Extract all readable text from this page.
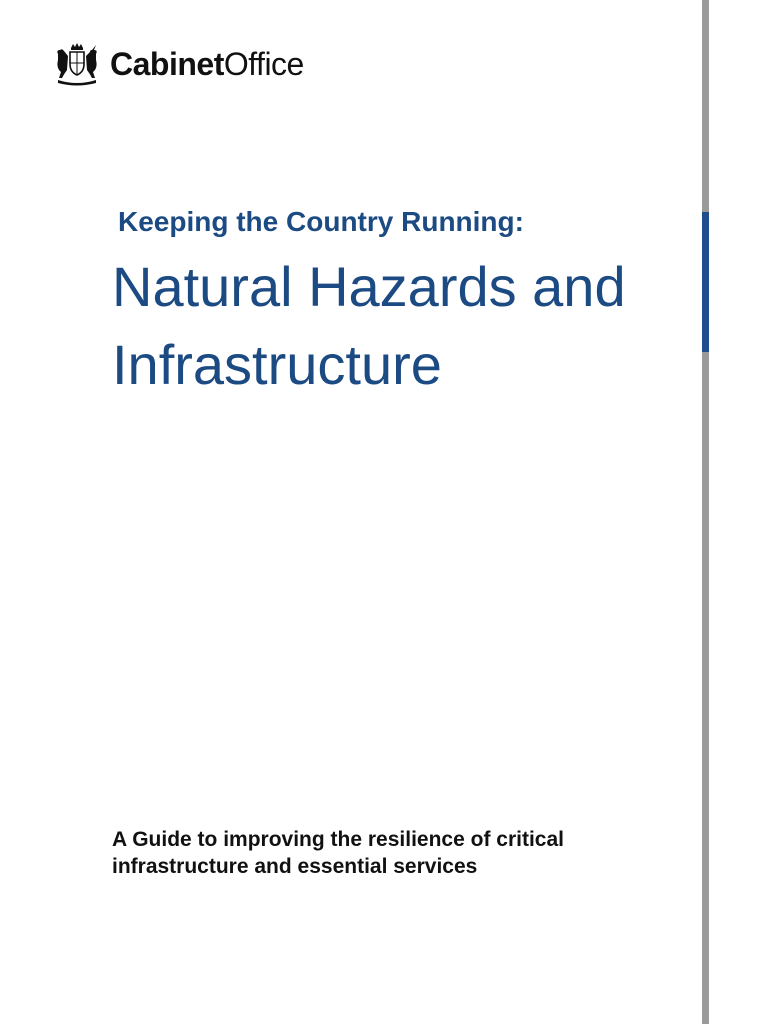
CabinetOffice
Keeping the Country Running:
Natural Hazards and
Infrastructure
A Guide to improving the resilience of critical
infrastructure and essential services
